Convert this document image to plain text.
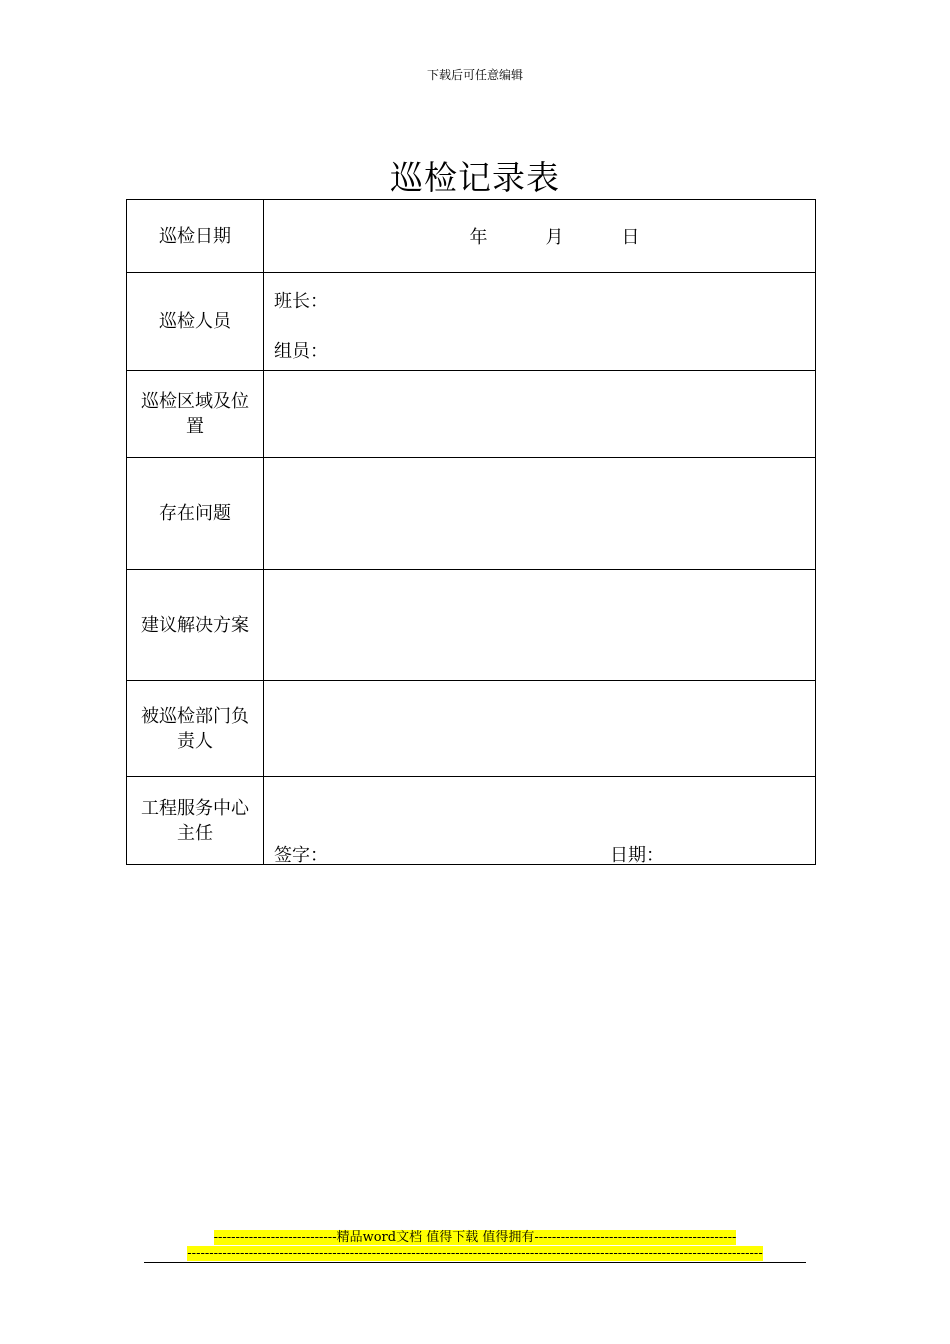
下载后可任意编辑
巡检记录表
巡检日期	年 月 日

巡检人员	班长：
组员：

巡检区域及位置	
存在问题	
建议解决方案	
被巡检部门负责人	
工程服务中心主任	签字： 日期：
----------------------------精品word文档 值得下载 值得拥有----------------------------------------------
-----------------------------------------------------------------------------------------------------------------------------------
